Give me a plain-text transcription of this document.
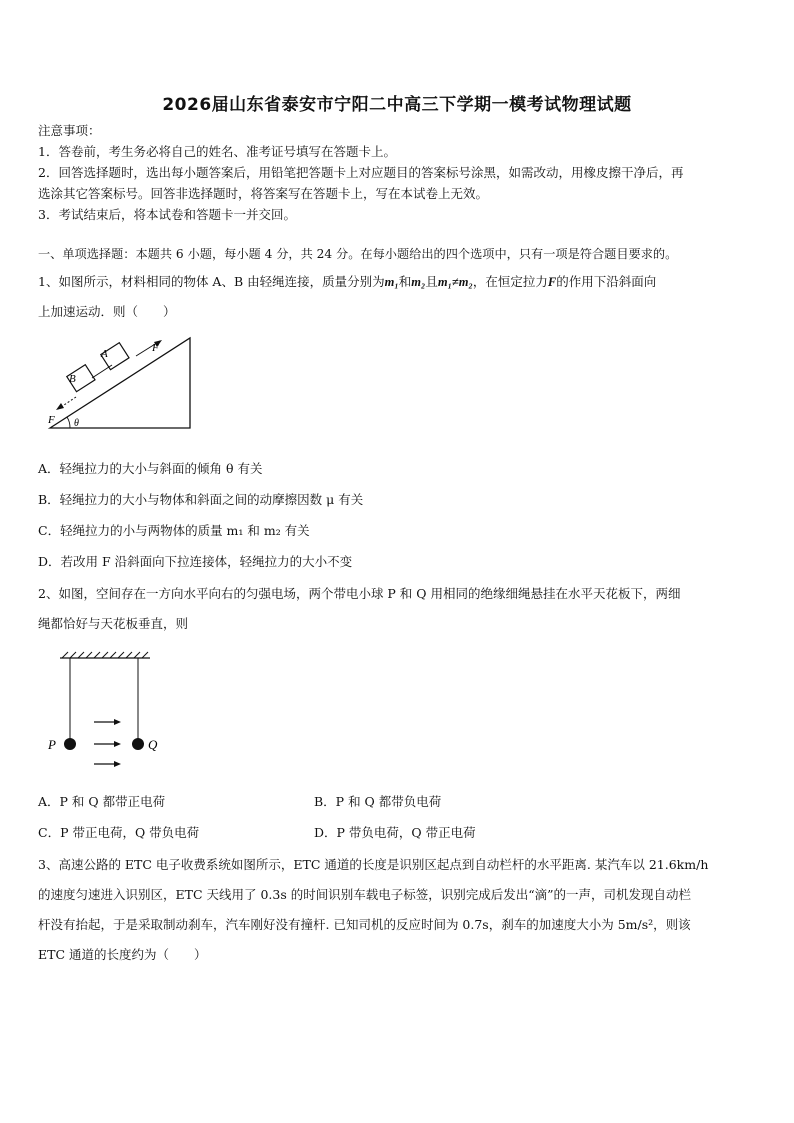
2026届山东省泰安市宁阳二中高三下学期一模考试物理试题
注意事项：
1．答卷前，考生务必将自己的姓名、准考证号填写在答题卡上。
2．回答选择题时，选出每小题答案后，用铅笔把答题卡上对应题目的答案标号涂黑，如需改动，用橡皮擦干净后，再
选涂其它答案标号。回答非选择题时，将答案写在答题卡上，写在本试卷上无效。
3．考试结束后，将本试卷和答题卡一并交回。
一、单项选择题：本题共 6 小题，每小题 4 分，共 24 分。在每小题给出的四个选项中，只有一项是符合题目要求的。
1、如图所示，材料相同的物体 A、B 由轻绳连接，质量分别为m₁和m₂且m₁≠m₂，在恒定拉力F的作用下沿斜面向
上加速运动．则（　　）
A
B
F
F θ
A．轻绳拉力的大小与斜面的倾角 θ 有关
B．轻绳拉力的大小与物体和斜面之间的动摩擦因数 μ 有关
C．轻绳拉力的小与两物体的质量 m₁ 和 m₂ 有关
D．若改用 F 沿斜面向下拉连接体，轻绳拉力的大小不变
2、如图，空间存在一方向水平向右的匀强电场，两个带电小球 P 和 Q 用相同的绝缘细绳悬挂在水平天花板下，两细
绳都恰好与天花板垂直，则
P	Q
A．P 和 Q 都带正电荷	B．P 和 Q 都带负电荷
C．P 带正电荷，Q 带负电荷	D．P 带负电荷，Q 带正电荷
3、高速公路的 ETC 电子收费系统如图所示，ETC 通道的长度是识别区起点到自动栏杆的水平距离. 某汽车以 21.6km/h
的速度匀速进入识别区，ETC 天线用了 0.3s 的时间识别车载电子标签，识别完成后发出“滴”的一声，司机发现自动栏
杆没有抬起，于是采取制动刹车，汽车刚好没有撞杆. 已知司机的反应时间为 0.7s，刹车的加速度大小为 5m/s²，则该
ETC 通道的长度约为（　　）
